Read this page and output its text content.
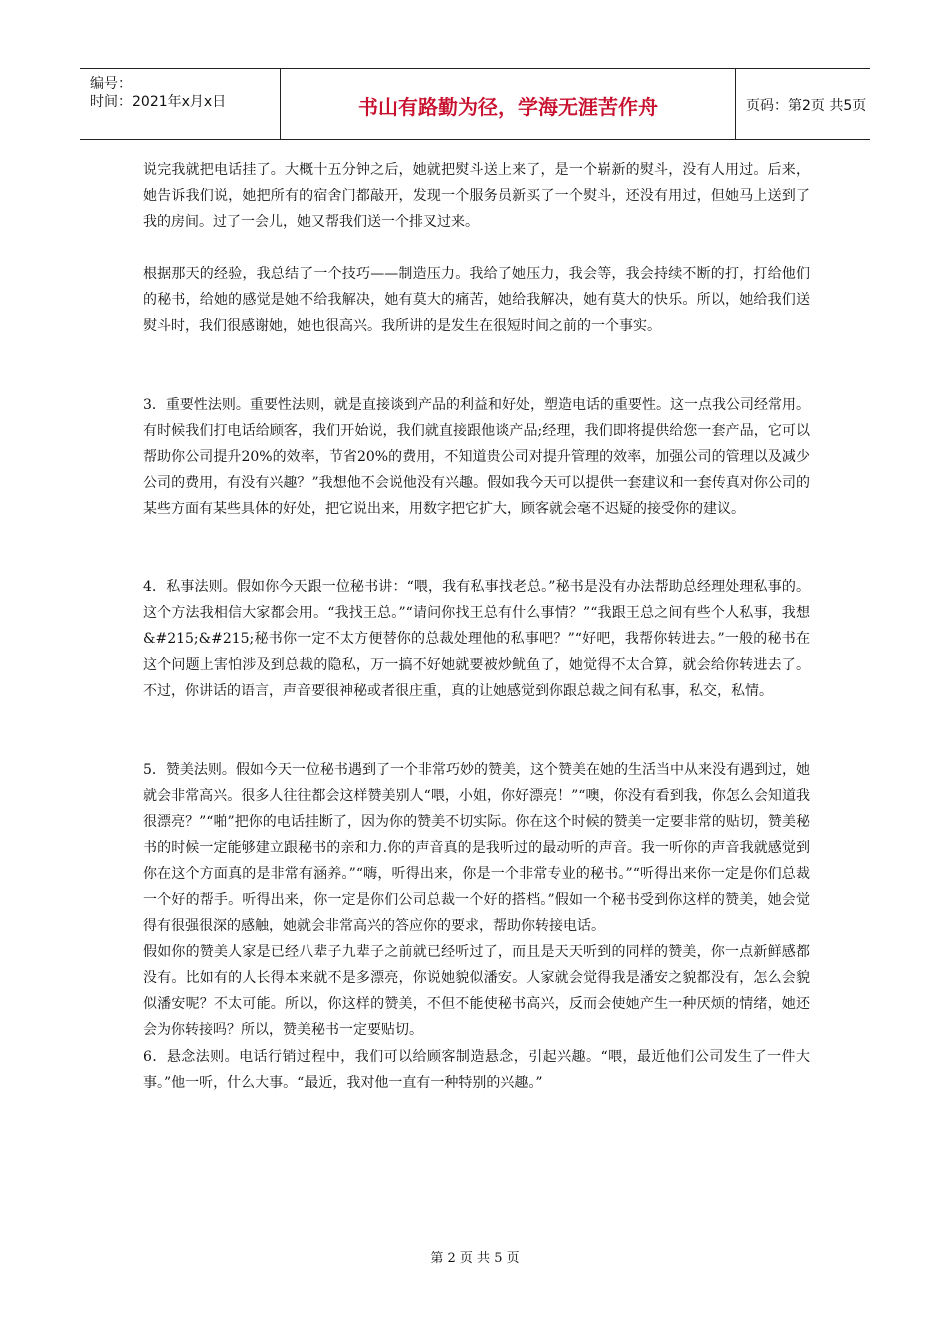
编号：
时间：2021年x月x日	书山有路勤为径，学海无涯苦作舟	页码：第2页 共5页

说完我就把电话挂了。大概十五分钟之后，她就把熨斗送上来了，是一个崭新的熨斗，没有人用过。后来，她告诉我们说，她把所有的宿舍门都敲开，发现一个服务员新买了一个熨斗，还没有用过，但她马上送到了我的房间。过了一会儿，她又帮我们送一个排叉过来。

根据那天的经验，我总结了一个技巧——制造压力。我给了她压力，我会等，我会持续不断的打，打给他们的秘书，给她的感觉是她不给我解决，她有莫大的痛苦，她给我解决，她有莫大的快乐。所以，她给我们送熨斗时，我们很感谢她，她也很高兴。我所讲的是发生在很短时间之前的一个事实。

3．重要性法则。重要性法则，就是直接谈到产品的利益和好处，塑造电话的重要性。这一点我公司经常用。有时候我们打电话给顾客，我们开始说，我们就直接跟他谈产品;经理，我们即将提供给您一套产品，它可以帮助你公司提升20%的效率，节省20%的费用，不知道贵公司对提升管理的效率，加强公司的管理以及减少公司的费用，有没有兴趣？”我想他不会说他没有兴趣。假如我今天可以提供一套建议和一套传真对你公司的某些方面有某些具体的好处，把它说出来，用数字把它扩大，顾客就会毫不迟疑的接受你的建议。

4．私事法则。假如你今天跟一位秘书讲：“喂，我有私事找老总。”秘书是没有办法帮助总经理处理私事的。这个方法我相信大家都会用。“我找王总。”“请问你找王总有什么事情？”“我跟王总之间有些个人私事，我想&#215;&#215;秘书你一定不太方便替你的总裁处理他的私事吧？”“好吧，我帮你转进去。”一般的秘书在这个问题上害怕涉及到总裁的隐私，万一搞不好她就要被炒鱿鱼了，她觉得不太合算，就会给你转进去了。不过，你讲话的语言，声音要很神秘或者很庄重，真的让她感觉到你跟总裁之间有私事，私交，私情。

5．赞美法则。假如今天一位秘书遇到了一个非常巧妙的赞美，这个赞美在她的生活当中从来没有遇到过，她就会非常高兴。很多人往往都会这样赞美别人“喂，小姐，你好漂亮！”“噢，你没有看到我，你怎么会知道我很漂亮？”“啪”把你的电话挂断了，因为你的赞美不切实际。你在这个时候的赞美一定要非常的贴切，赞美秘书的时候一定能够建立跟秘书的亲和力.你的声音真的是我听过的最动听的声音。我一听你的声音我就感觉到你在这个方面真的是非常有涵养。”“嗨，听得出来，你是一个非常专业的秘书。”“听得出来你一定是你们总裁一个好的帮手。听得出来，你一定是你们公司总裁一个好的搭档。”假如一个秘书受到你这样的赞美，她会觉得有很强很深的感触，她就会非常高兴的答应你的要求，帮助你转接电话。

假如你的赞美人家是已经八辈子九辈子之前就已经听过了，而且是天天听到的同样的赞美，你一点新鲜感都没有。比如有的人长得本来就不是多漂亮，你说她貌似潘安。人家就会觉得我是潘安之貌都没有，怎么会貌似潘安呢？不太可能。所以，你这样的赞美，不但不能使秘书高兴，反而会使她产生一种厌烦的情绪，她还会为你转接吗？所以，赞美秘书一定要贴切。

6．悬念法则。电话行销过程中，我们可以给顾客制造悬念，引起兴趣。“喂，最近他们公司发生了一件大事。”他一听，什么大事。“最近，我对他一直有一种特别的兴趣。”

第 2 页 共 5 页
